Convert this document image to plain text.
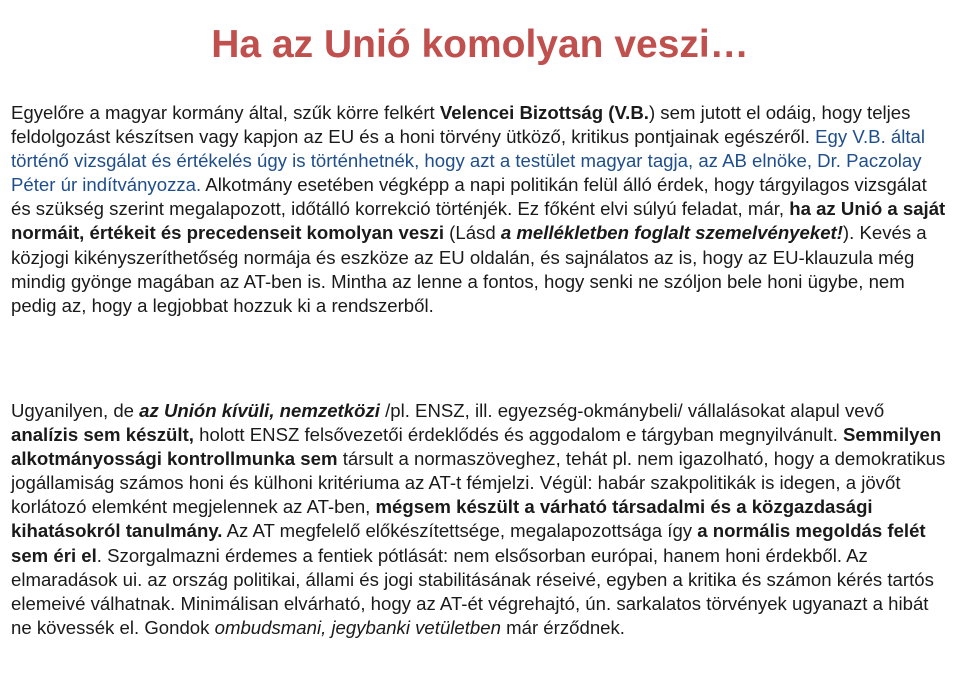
Ha az Unió komolyan veszi…

Egyelőre a magyar kormány által, szűk körre felkért Velencei Bizottság (V.B.) sem jutott el odáig, hogy teljes feldolgozást készítsen vagy kapjon az EU és a honi törvény ütköző, kritikus pontjainak egészéről. Egy V.B. által történő vizsgálat és értékelés úgy is történhetnék, hogy azt a testület magyar tagja, az AB elnöke, Dr. Paczolay Péter úr indítványozza. Alkotmány esetében végképp a napi politikán felül álló érdek, hogy tárgyilagos vizsgálat és szükség szerint megalapozott, időtálló korrekció történjék. Ez főként elvi súlyú feladat, már, ha az Unió a saját normáit, értékeit és precedenseit komolyan veszi (Lásd a mellékletben foglalt szemelvényeket!). Kevés a közjogi kikényszeríthetőség normája és eszköze az EU oldalán, és sajnálatos az is, hogy az EU-klauzula még mindig gyönge magában az AT-ben is. Mintha az lenne a fontos, hogy senki ne szóljon bele honi ügybe, nem pedig az, hogy a legjobbat hozzuk ki a rendszerből.

Ugyanilyen, de az Unión kívüli, nemzetközi /pl. ENSZ, ill. egyezség-okmánybeli/ vállalásokat alapul vevő analízis sem készült, holott ENSZ felsővezetői érdeklődés és aggodalom e tárgyban megnyilvánult. Semmilyen alkotmányossági kontrollmunka sem társult a normaszöveghez, tehát pl. nem igazolható, hogy a demokratikus jogállamiság számos honi és külhoni kritériuma az AT-t fémjelzi. Végül: habár szakpolitikák is idegen, a jövőt korlátozó elemként megjelennek az AT-ben, mégsem készült a várható társadalmi és a közgazdasági kihatásokról tanulmány. Az AT megfelelő előkészítettsége, megalapozottsága így a normális megoldás felét sem éri el. Szorgalmazni érdemes a fentiek pótlását: nem elsősorban európai, hanem honi érdekből. Az elmaradások ui. az ország politikai, állami és jogi stabilitásának réseivé, egyben a kritika és számon kérés tartós elemeivé válhatnak. Minimálisan elvárható, hogy az AT-ét végrehajtó, ún. sarkalatos törvények ugyanazt a hibát ne kövessék el. Gondok ombudsmani, jegybanki vetületben már érződnek.
